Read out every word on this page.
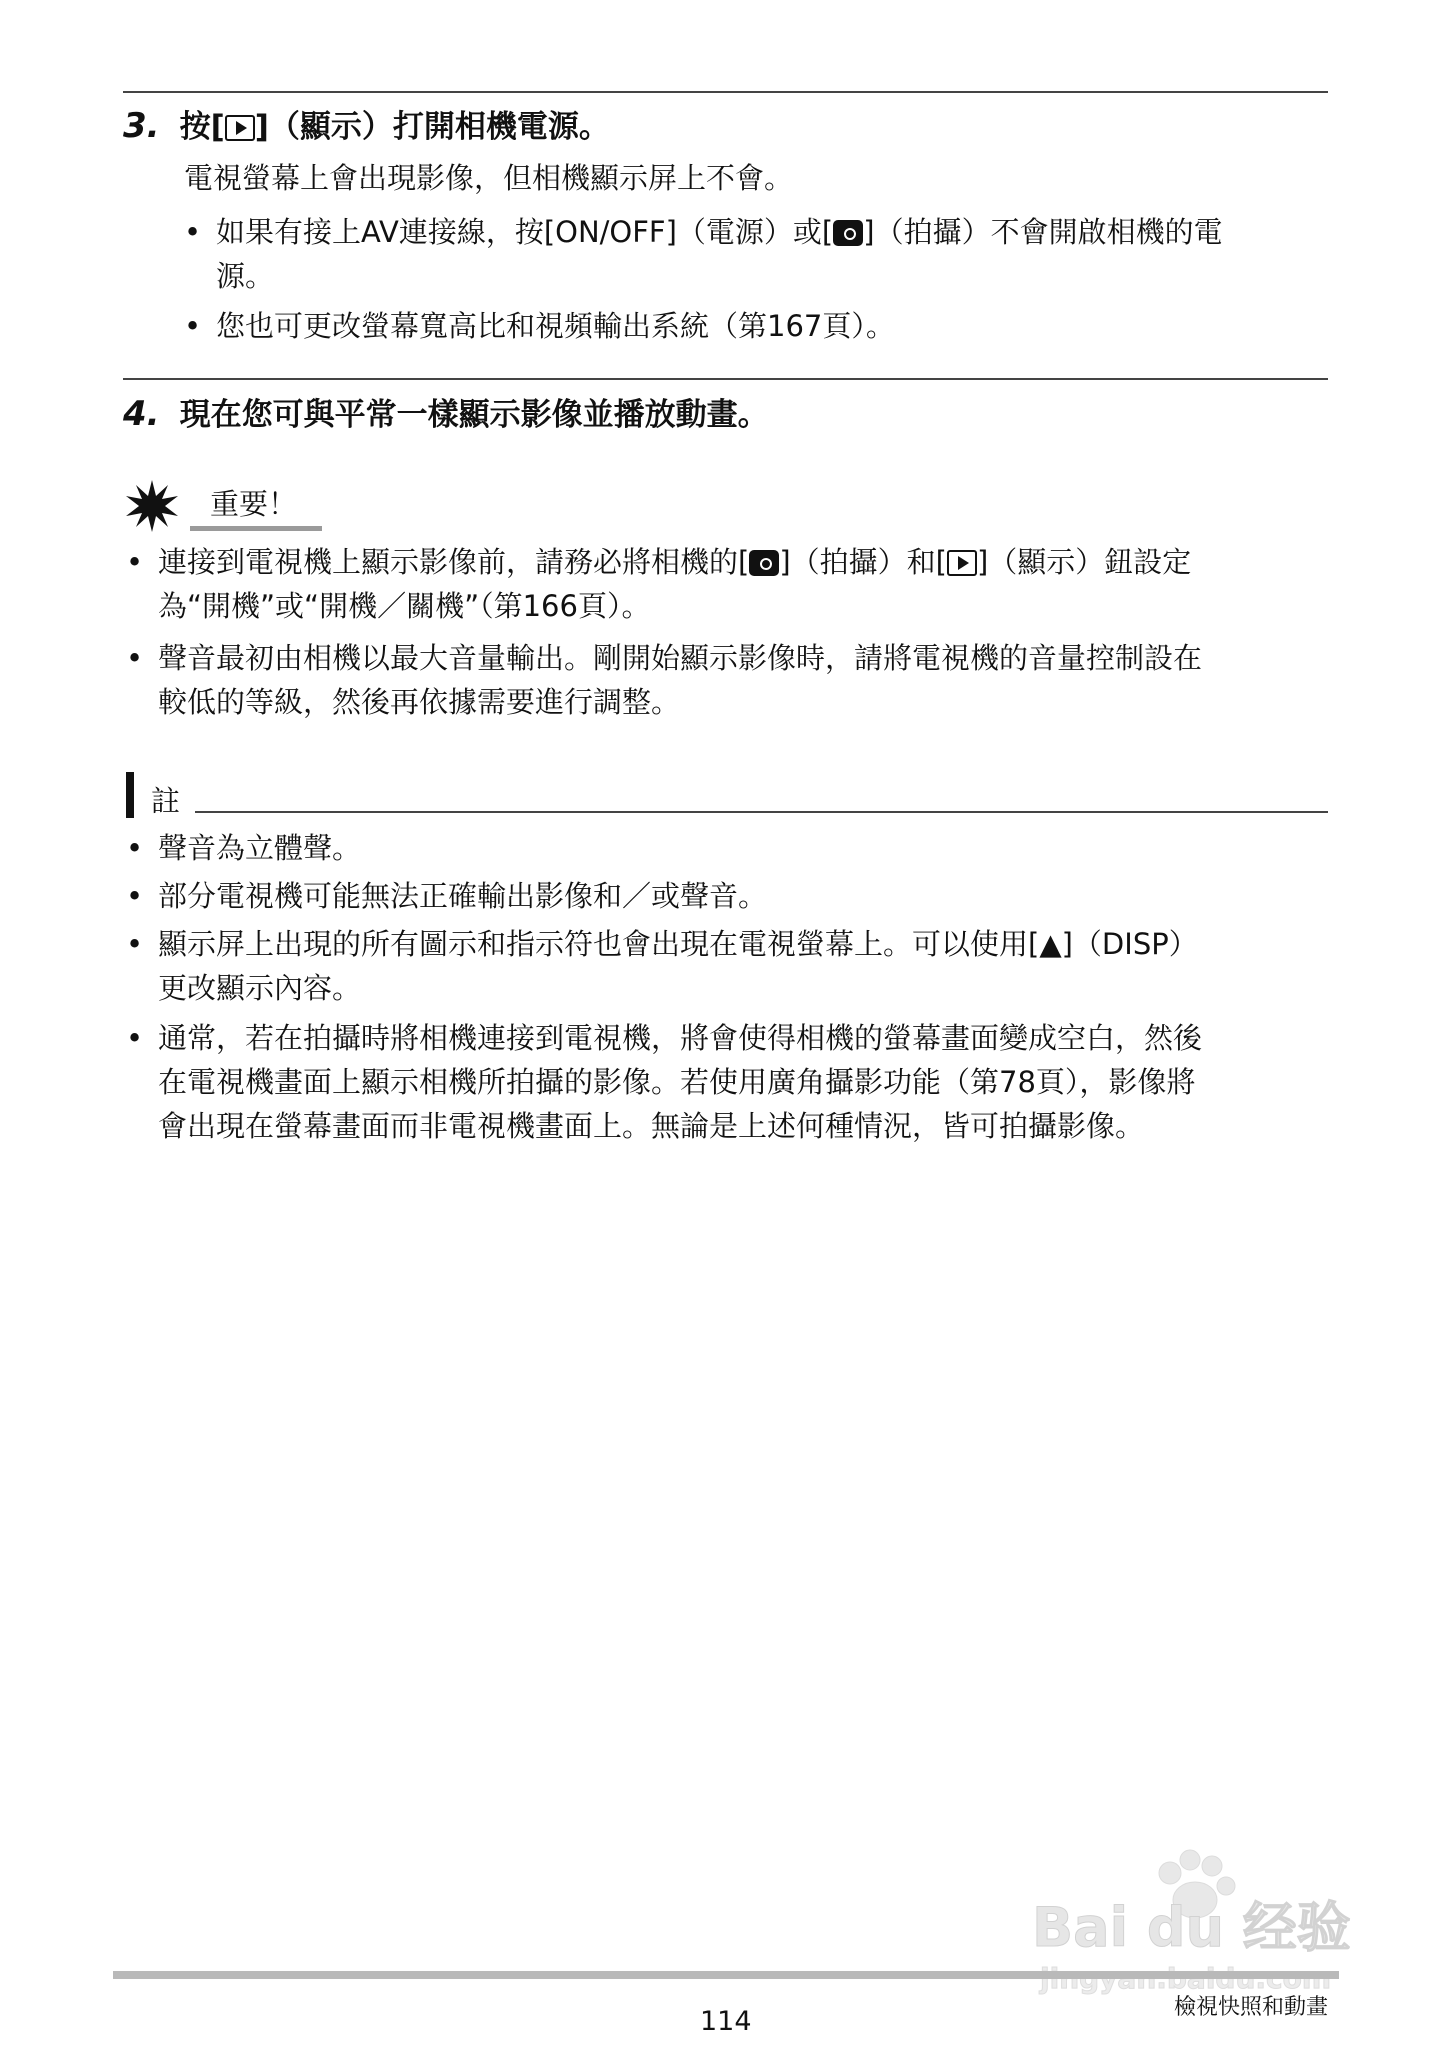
3. 按[ ]（顯示）打開相機電源。
電視螢幕上會出現影像，但相機顯示屏上不會。
• 如果有接上AV連接線，按[ON/OFF]（電源）或[ ]（拍攝）不會開啟相機的電
源。
• 您也可更改螢幕寬高比和視頻輸出系統（第167頁）。
4. 現在您可與平常一樣顯示影像並播放動畫。
重要！
• 連接到電視機上顯示影像前，請務必將相機的[ ]（拍攝）和[ ]（顯示）鈕設定
為“開機”或“開機／關機”（第166頁）。
• 聲音最初由相機以最大音量輸出。剛開始顯示影像時，請將電視機的音量控制設在
較低的等級，然後再依據需要進行調整。
註
• 聲音為立體聲。
• 部分電視機可能無法正確輸出影像和／或聲音。
• 顯示屏上出現的所有圖示和指示符也會出現在電視螢幕上。可以使用[▲]（DISP）
更改顯示內容。
• 通常，若在拍攝時將相機連接到電視機，將會使得相機的螢幕畫面變成空白，然後
在電視機畫面上顯示相機所拍攝的影像。若使用廣角攝影功能（第78頁），影像將
會出現在螢幕畫面而非電視機畫面上。無論是上述何種情況，皆可拍攝影像。
Bai du 经验
114	檢視快照和動畫
